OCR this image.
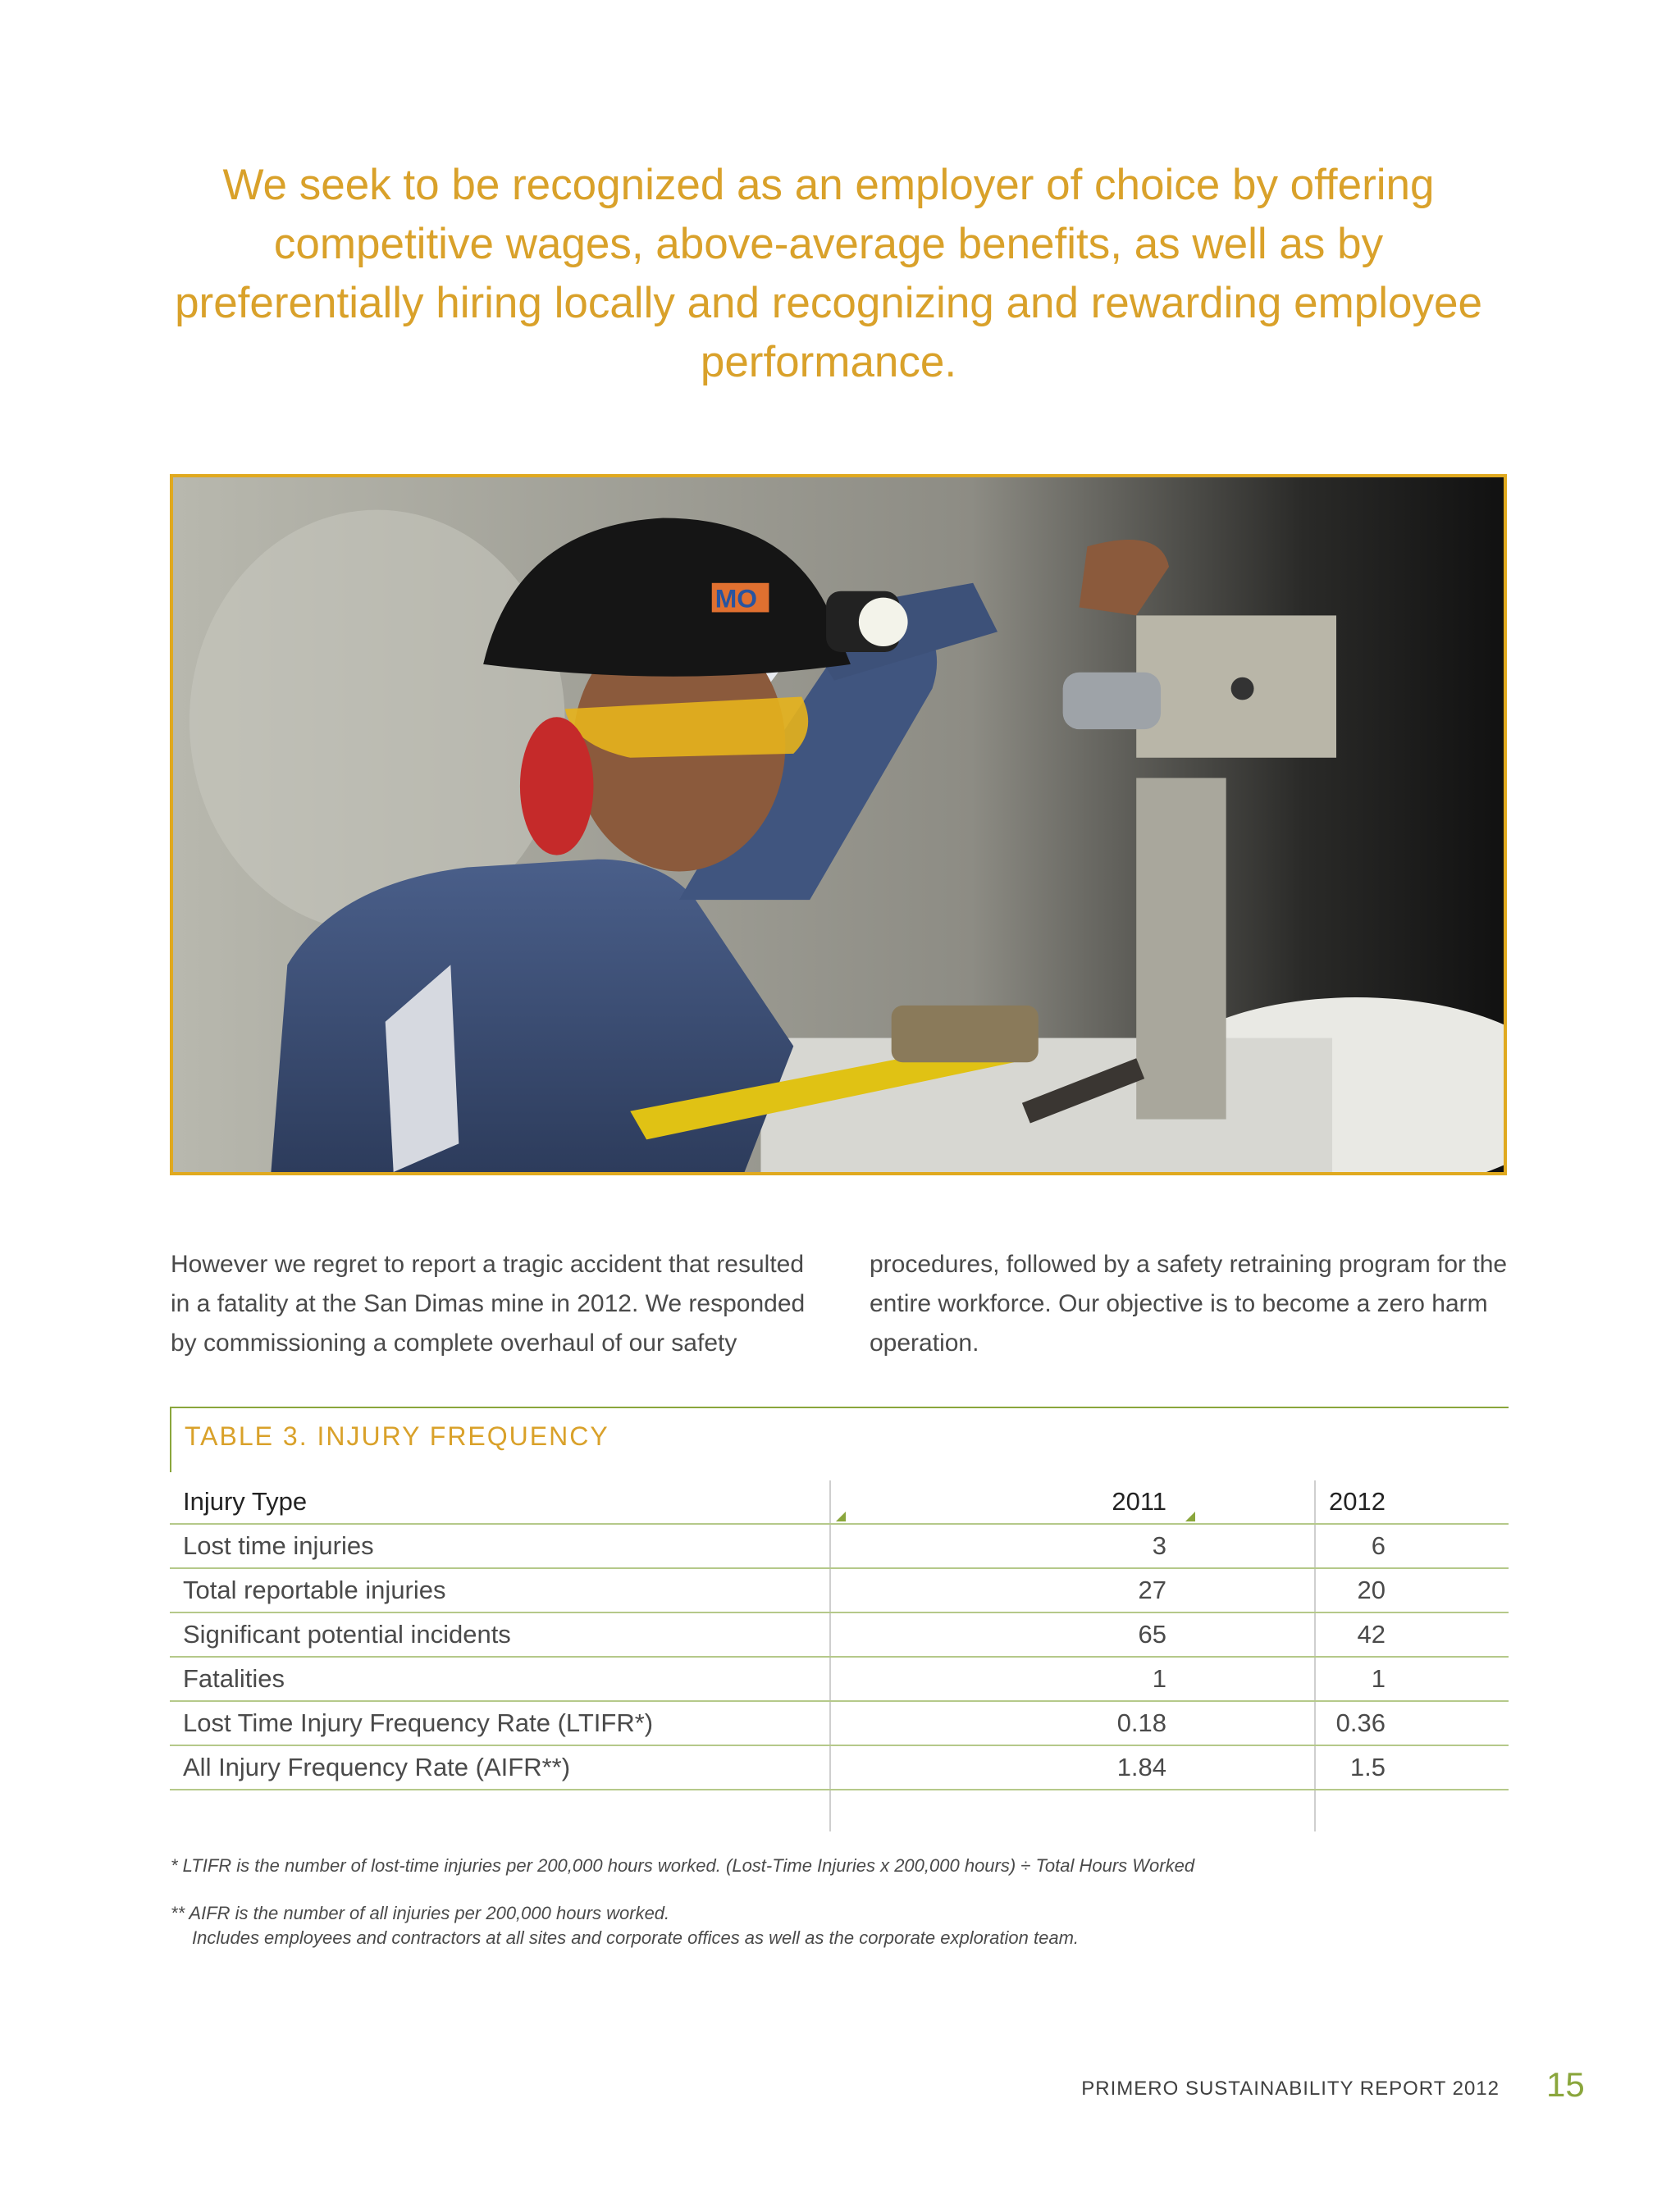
We seek to be recognized as an employer of choice by offering competitive wages, above-average benefits, as well as by preferentially hiring locally and recognizing and rewarding employee performance.

MO

However we regret to report a tragic accident that resulted in a fatality at the San Dimas mine in 2012. We responded by commissioning a complete overhaul of our safety

procedures, followed by a safety retraining program for the entire workforce. Our objective is to become a zero harm operation.

TABLE 3. INJURY FREQUENCY
Injury Type	2011	2012
Lost time injuries	3	6
Total reportable injuries	27	20
Significant potential incidents	65	42
Fatalities	1	1
Lost Time Injury Frequency Rate (LTIFR*)	0.18	0.36
All Injury Frequency Rate (AIFR**)	1.84	1.5

* LTIFR is the number of lost-time injuries per 200,000 hours worked. (Lost-Time Injuries x 200,000 hours) ÷ Total Hours Worked

** AIFR is the number of all injuries per 200,000 hours worked.
Includes employees and contractors at all sites and corporate offices as well as the corporate exploration team.

PRIMERO SUSTAINABILITY REPORT 2012 15
